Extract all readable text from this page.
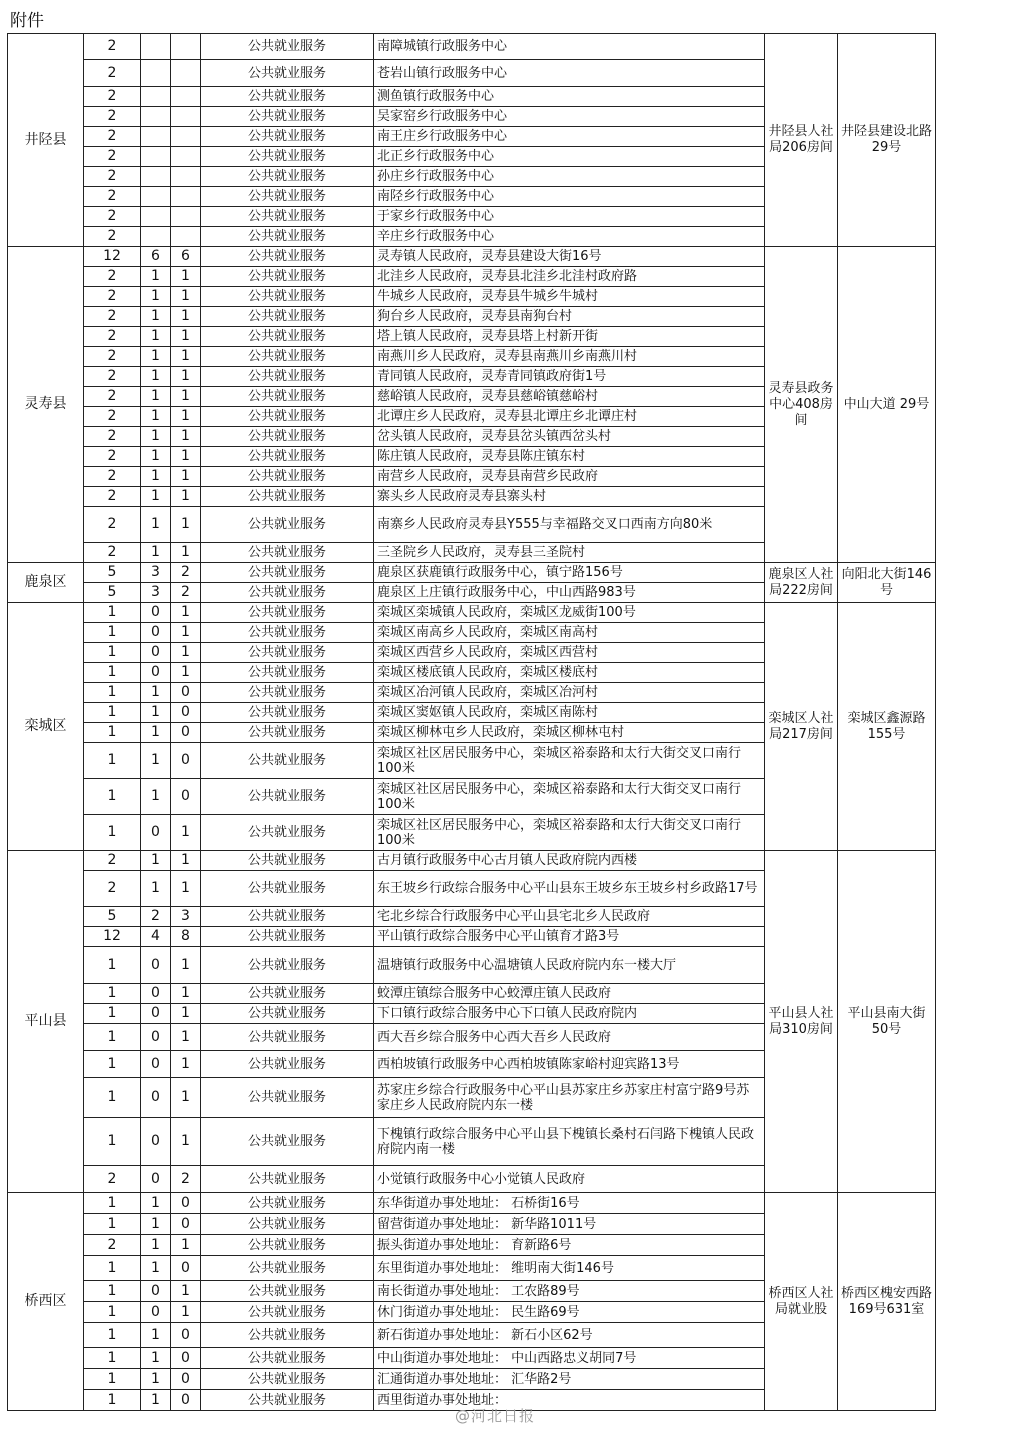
附件
井陉县	2			公共就业服务	南障城镇行政服务中心	井陉县人社局206房间	井陉县建设北路29号	
	2			公共就业服务	苍岩山镇行政服务中心			
	2			公共就业服务	测鱼镇行政服务中心			
	2			公共就业服务	吴家窑乡行政服务中心			
	2			公共就业服务	南王庄乡行政服务中心			
	2			公共就业服务	北正乡行政服务中心			
	2			公共就业服务	孙庄乡行政服务中心			
	2			公共就业服务	南陉乡行政服务中心			
	2			公共就业服务	于家乡行政服务中心			
	2			公共就业服务	辛庄乡行政服务中心			
灵寿县	12	6	6	公共就业服务	灵寿镇人民政府，灵寿县建设大街16号	灵寿县政务中心408房间	中山大道 29号	
	2	1	1	公共就业服务	北洼乡人民政府，灵寿县北洼乡北洼村政府路			
	2	1	1	公共就业服务	牛城乡人民政府，灵寿县牛城乡牛城村			
	2	1	1	公共就业服务	狗台乡人民政府，灵寿县南狗台村			
	2	1	1	公共就业服务	塔上镇人民政府，灵寿县塔上村新开街			
	2	1	1	公共就业服务	南燕川乡人民政府，灵寿县南燕川乡南燕川村			
	2	1	1	公共就业服务	青同镇人民政府，灵寿青同镇政府街1号			
	2	1	1	公共就业服务	慈峪镇人民政府，灵寿县慈峪镇慈峪村			
	2	1	1	公共就业服务	北谭庄乡人民政府，灵寿县北谭庄乡北谭庄村			
	2	1	1	公共就业服务	岔头镇人民政府，灵寿县岔头镇西岔头村			
	2	1	1	公共就业服务	陈庄镇人民政府，灵寿县陈庄镇东村			
	2	1	1	公共就业服务	南营乡人民政府，灵寿县南营乡民政府			
	2	1	1	公共就业服务	寨头乡人民政府灵寿县寨头村			
	2	1	1	公共就业服务	南寨乡人民政府灵寿县Y555与幸福路交叉口西南方向80米			
	2	1	1	公共就业服务	三圣院乡人民政府，灵寿县三圣院村			
鹿泉区	5	3	2	公共就业服务	鹿泉区获鹿镇行政服务中心，镇宁路156号	鹿泉区人社局222房间	向阳北大街146号	
	5	3	2	公共就业服务	鹿泉区上庄镇行政服务中心，中山西路983号			
栾城区	1	0	1	公共就业服务	栾城区栾城镇人民政府，栾城区龙威街100号	栾城区人社局217房间	栾城区鑫源路155号	
	1	0	1	公共就业服务	栾城区南高乡人民政府，栾城区南高村			
	1	0	1	公共就业服务	栾城区西营乡人民政府，栾城区西营村			
	1	0	1	公共就业服务	栾城区楼底镇人民政府，栾城区楼底村			
	1	1	0	公共就业服务	栾城区冶河镇人民政府，栾城区冶河村			
	1	1	0	公共就业服务	栾城区窦妪镇人民政府，栾城区南陈村			
	1	1	0	公共就业服务	栾城区柳林屯乡人民政府，栾城区柳林屯村			
	1	1	0	公共就业服务	栾城区社区居民服务中心，栾城区裕泰路和太行大街交叉口南行100米			
	1	1	0	公共就业服务	栾城区社区居民服务中心，栾城区裕泰路和太行大街交叉口南行100米			
	1	0	1	公共就业服务	栾城区社区居民服务中心，栾城区裕泰路和太行大街交叉口南行100米			
平山县	2	1	1	公共就业服务	古月镇行政服务中心古月镇人民政府院内西楼	平山县人社局310房间	平山县南大街50号	
	2	1	1	公共就业服务	东王坡乡行政综合服务中心平山县东王坡乡东王坡乡村乡政路17号			
	5	2	3	公共就业服务	宅北乡综合行政服务中心平山县宅北乡人民政府			
	12	4	8	公共就业服务	平山镇行政综合服务中心平山镇育才路3号			
	1	0	1	公共就业服务	温塘镇行政服务中心温塘镇人民政府院内东一楼大厅			
	1	0	1	公共就业服务	蛟潭庄镇综合服务中心蛟潭庄镇人民政府			
	1	0	1	公共就业服务	下口镇行政综合服务中心下口镇人民政府院内			
	1	0	1	公共就业服务	西大吾乡综合服务中心西大吾乡人民政府			
	1	0	1	公共就业服务	西柏坡镇行政服务中心西柏坡镇陈家峪村迎宾路13号			
	1	0	1	公共就业服务	苏家庄乡综合行政服务中心平山县苏家庄乡苏家庄村富宁路9号苏家庄乡人民政府院内东一楼			
	1	0	1	公共就业服务	下槐镇行政综合服务中心平山县下槐镇长桑村石闫路下槐镇人民政府院内南一楼			
	2	0	2	公共就业服务	小觉镇行政服务中心小觉镇人民政府			
桥西区	1	1	0	公共就业服务	东华街道办事处地址： 石桥街16号	桥西区人社局就业股	桥西区槐安西路169号631室	
	1	1	0	公共就业服务	留营街道办事处地址： 新华路1011号			
	2	1	1	公共就业服务	振头街道办事处地址： 育新路6号			
	1	1	0	公共就业服务	东里街道办事处地址： 维明南大街146号			
	1	0	1	公共就业服务	南长街道办事处地址： 工农路89号			
	1	0	1	公共就业服务	休门街道办事处地址： 民生路69号			
	1	1	0	公共就业服务	新石街道办事处地址： 新石小区62号			
	1	1	0	公共就业服务	中山街道办事处地址： 中山西路忠义胡同7号			
	1	1	0	公共就业服务	汇通街道办事处地址： 汇华路2号			
	1	1	0	公共就业服务	西里街道办事处地址：			
@河北日报
